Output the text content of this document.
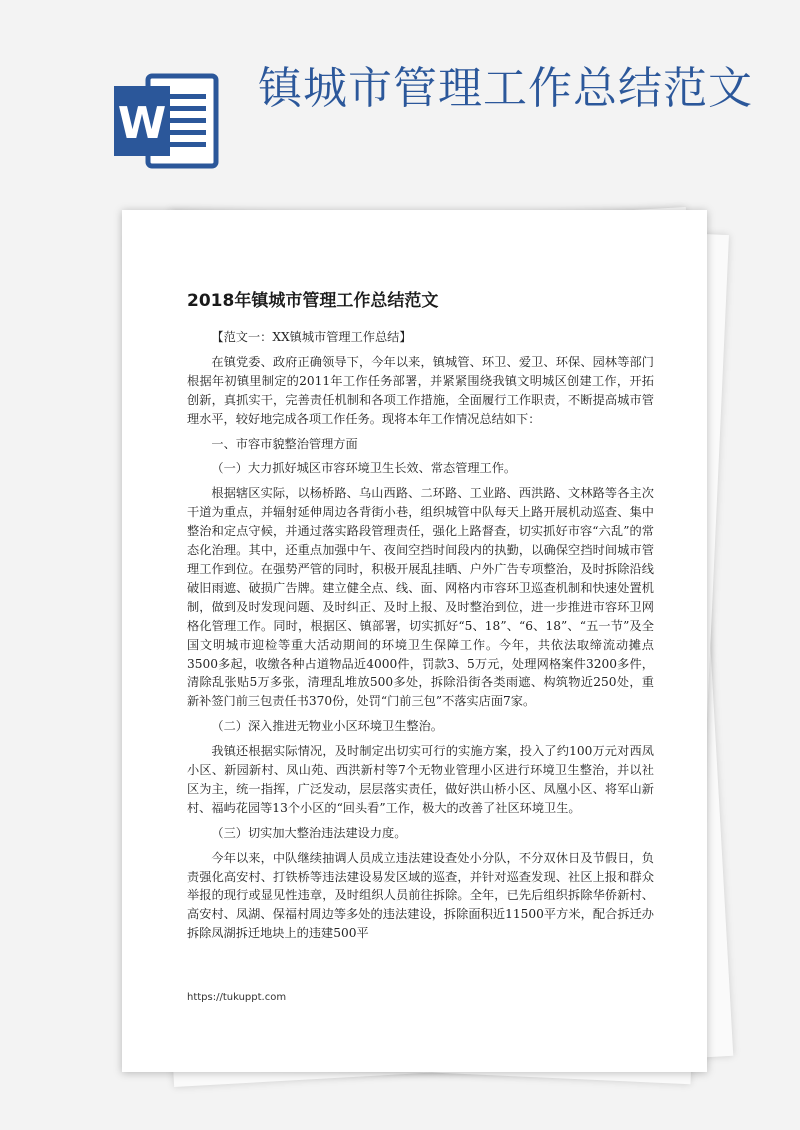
W
镇城市管理工作总结范文
2018年镇城市管理工作总结范文

【范文一：XX镇城市管理工作总结】

在镇党委、政府正确领导下，今年以来，镇城管、环卫、爱卫、环保、园林等部门根据年初镇里制定的2011年工作任务部署，并紧紧围绕我镇文明城区创建工作，开拓创新，真抓实干，完善责任机制和各项工作措施，全面履行工作职责，不断提高城市管理水平，较好地完成各项工作任务。现将本年工作情况总结如下：

一、市容市貌整治管理方面

（一）大力抓好城区市容环境卫生长效、常态管理工作。

根据辖区实际，以杨桥路、乌山西路、二环路、工业路、西洪路、文林路等各主次干道为重点，并辐射延伸周边各背街小巷，组织城管中队每天上路开展机动巡查、集中整治和定点守候，并通过落实路段管理责任，强化上路督查，切实抓好市容“六乱”的常态化治理。其中，还重点加强中午、夜间空挡时间段内的执勤，以确保空挡时间城市管理工作到位。在强势严管的同时，积极开展乱挂晒、户外广告专项整治，及时拆除沿线破旧雨遮、破损广告牌。建立健全点、线、面、网格内市容环卫巡查机制和快速处置机制，做到及时发现问题、及时纠正、及时上报、及时整治到位，进一步推进市容环卫网格化管理工作。同时，根据区、镇部署，切实抓好“5、18”、“6、18”、“五一节”及全国文明城市迎检等重大活动期间的环境卫生保障工作。今年，共依法取缔流动摊点3500多起，收缴各种占道物品近4000件，罚款3、5万元，处理网格案件3200多件，清除乱张贴5万多张，清理乱堆放500多处，拆除沿街各类雨遮、构筑物近250处，重新补签门前三包责任书370份，处罚“门前三包”不落实店面7家。

（二）深入推进无物业小区环境卫生整治。

我镇还根据实际情况，及时制定出切实可行的实施方案，投入了约100万元对西凤小区、新园新村、凤山苑、西洪新村等7个无物业管理小区进行环境卫生整治，并以社区为主，统一指挥，广泛发动，层层落实责任，做好洪山桥小区、凤凰小区、将军山新村、福屿花园等13个小区的“回头看”工作，极大的改善了社区环境卫生。

（三）切实加大整治违法建设力度。

今年以来，中队继续抽调人员成立违法建设查处小分队，不分双休日及节假日，负责强化高安村、打铁桥等违法建设易发区域的巡查，并针对巡查发现、社区上报和群众举报的现行或显见性违章，及时组织人员前往拆除。全年，已先后组织拆除华侨新村、高安村、凤湖、保福村周边等多处的违法建设，拆除面积近11500平方米，配合拆迁办拆除凤湖拆迁地块上的违建500平

https://tukuppt.com
